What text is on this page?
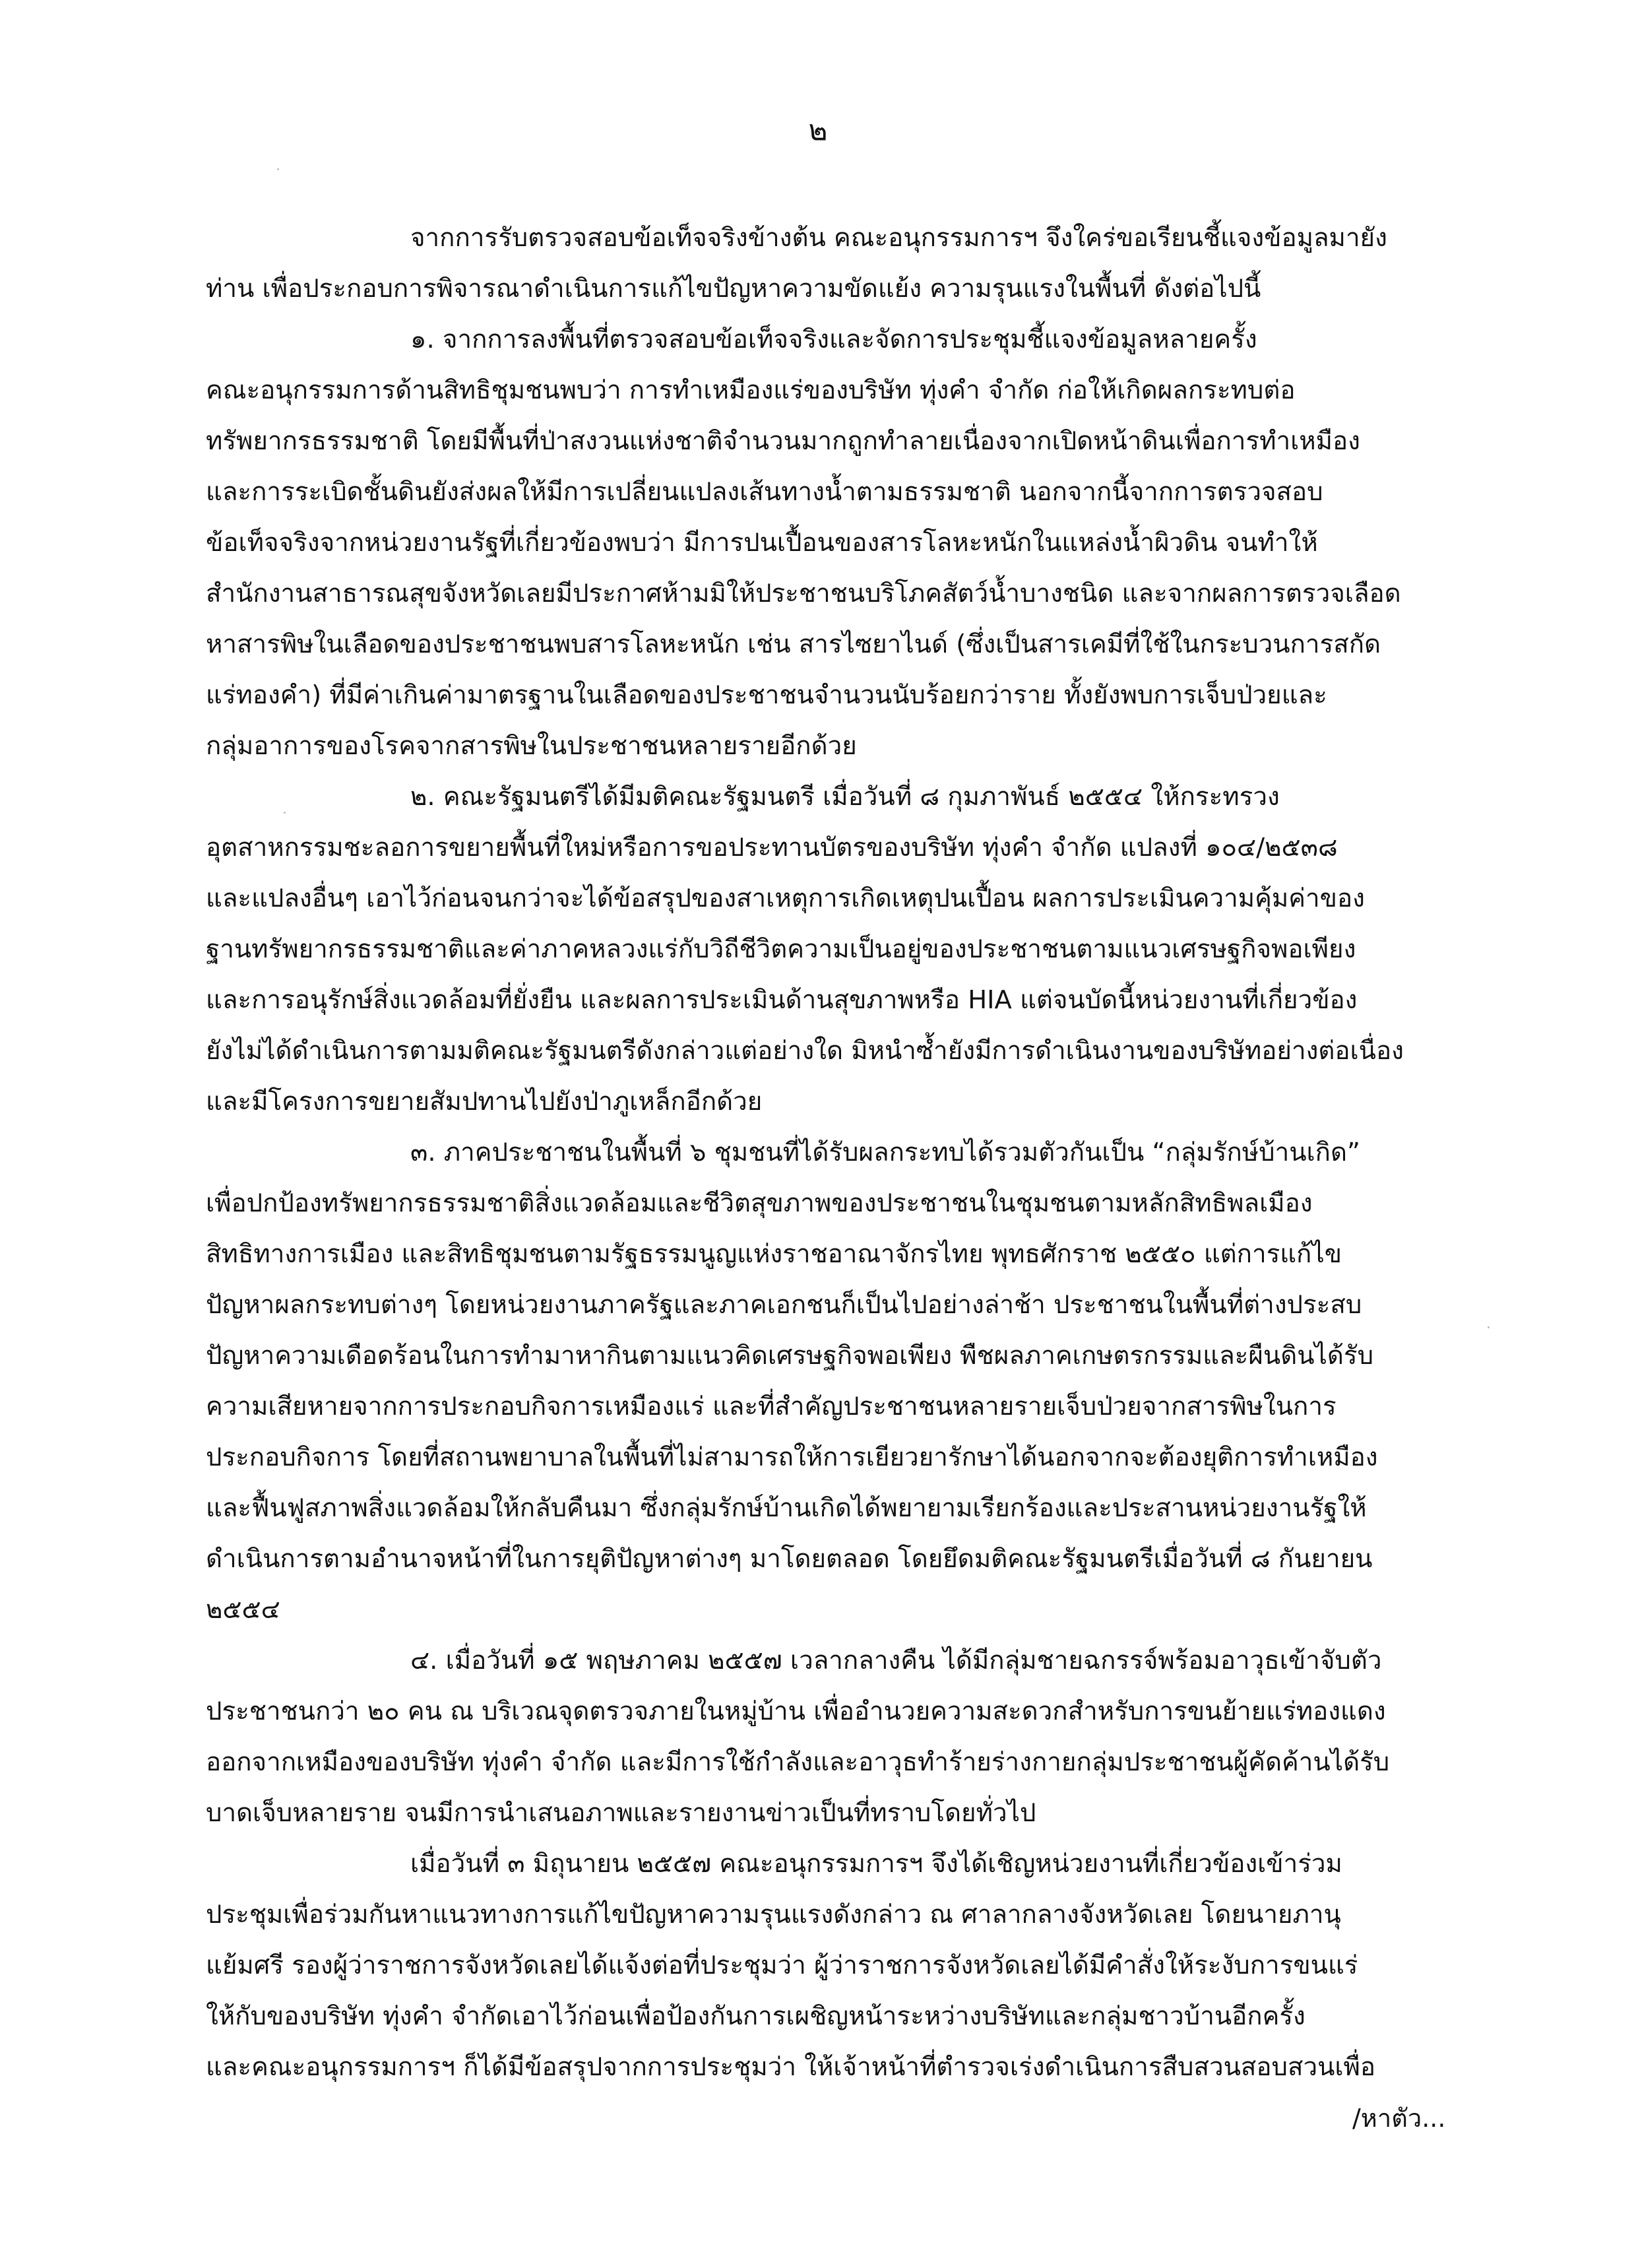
๒
จากการรับตรวจสอบข้อเท็จจริงข้างต้น คณะอนุกรรมการฯ จึงใคร่ขอเรียนชี้แจงข้อมูลมายัง
ท่าน เพื่อประกอบการพิจารณาดำเนินการแก้ไขปัญหาความขัดแย้ง ความรุนแรงในพื้นที่ ดังต่อไปนี้
๑. จากการลงพื้นที่ตรวจสอบข้อเท็จจริงและจัดการประชุมชี้แจงข้อมูลหลายครั้ง
คณะอนุกรรมการด้านสิทธิชุมชนพบว่า การทำเหมืองแร่ของบริษัท ทุ่งคำ จำกัด ก่อให้เกิดผลกระทบต่อ
ทรัพยากรธรรมชาติ โดยมีพื้นที่ป่าสงวนแห่งชาติจำนวนมากถูกทำลายเนื่องจากเปิดหน้าดินเพื่อการทำเหมือง
และการระเบิดชั้นดินยังส่งผลให้มีการเปลี่ยนแปลงเส้นทางน้ำตามธรรมชาติ นอกจากนี้จากการตรวจสอบ
ข้อเท็จจริงจากหน่วยงานรัฐที่เกี่ยวข้องพบว่า มีการปนเปื้อนของสารโลหะหนักในแหล่งน้ำผิวดิน จนทำให้
สำนักงานสาธารณสุขจังหวัดเลยมีประกาศห้ามมิให้ประชาชนบริโภคสัตว์น้ำบางชนิด และจากผลการตรวจเลือด
หาสารพิษในเลือดของประชาชนพบสารโลหะหนัก เช่น สารไซยาไนด์ (ซึ่งเป็นสารเคมีที่ใช้ในกระบวนการสกัด
แร่ทองคำ) ที่มีค่าเกินค่ามาตรฐานในเลือดของประชาชนจำนวนนับร้อยกว่าราย ทั้งยังพบการเจ็บป่วยและ
กลุ่มอาการของโรคจากสารพิษในประชาชนหลายรายอีกด้วย
๒. คณะรัฐมนตรีได้มีมติคณะรัฐมนตรี เมื่อวันที่ ๘ กุมภาพันธ์ ๒๕๕๔ ให้กระทรวง
อุตสาหกรรมชะลอการขยายพื้นที่ใหม่หรือการขอประทานบัตรของบริษัท ทุ่งคำ จำกัด แปลงที่ ๑๐๔/๒๕๓๘
และแปลงอื่นๆ เอาไว้ก่อนจนกว่าจะได้ข้อสรุปของสาเหตุการเกิดเหตุปนเปื้อน ผลการประเมินความคุ้มค่าของ
ฐานทรัพยากรธรรมชาติและค่าภาคหลวงแร่กับวิถีชีวิตความเป็นอยู่ของประชาชนตามแนวเศรษฐกิจพอเพียง
และการอนุรักษ์สิ่งแวดล้อมที่ยั่งยืน และผลการประเมินด้านสุขภาพหรือ HIA แต่จนบัดนี้หน่วยงานที่เกี่ยวข้อง
ยังไม่ได้ดำเนินการตามมติคณะรัฐมนตรีดังกล่าวแต่อย่างใด มิหนำซ้ำยังมีการดำเนินงานของบริษัทอย่างต่อเนื่อง
และมีโครงการขยายสัมปทานไปยังป่าภูเหล็กอีกด้วย
๓. ภาคประชาชนในพื้นที่ ๖ ชุมชนที่ได้รับผลกระทบได้รวมตัวกันเป็น “กลุ่มรักษ์บ้านเกิด”
เพื่อปกป้องทรัพยากรธรรมชาติสิ่งแวดล้อมและชีวิตสุขภาพของประชาชนในชุมชนตามหลักสิทธิพลเมือง
สิทธิทางการเมือง และสิทธิชุมชนตามรัฐธรรมนูญแห่งราชอาณาจักรไทย พุทธศักราช ๒๕๕๐ แต่การแก้ไข
ปัญหาผลกระทบต่างๆ โดยหน่วยงานภาครัฐและภาคเอกชนก็เป็นไปอย่างล่าช้า ประชาชนในพื้นที่ต่างประสบ
ปัญหาความเดือดร้อนในการทำมาหากินตามแนวคิดเศรษฐกิจพอเพียง พืชผลภาคเกษตรกรรมและผืนดินได้รับ
ความเสียหายจากการประกอบกิจการเหมืองแร่ และที่สำคัญประชาชนหลายรายเจ็บป่วยจากสารพิษในการ
ประกอบกิจการ โดยที่สถานพยาบาลในพื้นที่ไม่สามารถให้การเยียวยารักษาได้นอกจากจะต้องยุติการทำเหมือง
และฟื้นฟูสภาพสิ่งแวดล้อมให้กลับคืนมา ซึ่งกลุ่มรักษ์บ้านเกิดได้พยายามเรียกร้องและประสานหน่วยงานรัฐให้
ดำเนินการตามอำนาจหน้าที่ในการยุติปัญหาต่างๆ มาโดยตลอด โดยยึดมติคณะรัฐมนตรีเมื่อวันที่ ๘ กันยายน
๒๕๕๔
๔. เมื่อวันที่ ๑๕ พฤษภาคม ๒๕๕๗ เวลากลางคืน ได้มีกลุ่มชายฉกรรจ์พร้อมอาวุธเข้าจับตัว
ประชาชนกว่า ๒๐ คน ณ บริเวณจุดตรวจภายในหมู่บ้าน เพื่ออำนวยความสะดวกสำหรับการขนย้ายแร่ทองแดง
ออกจากเหมืองของบริษัท ทุ่งคำ จำกัด และมีการใช้กำลังและอาวุธทำร้ายร่างกายกลุ่มประชาชนผู้คัดค้านได้รับ
บาดเจ็บหลายราย จนมีการนำเสนอภาพและรายงานข่าวเป็นที่ทราบโดยทั่วไป
เมื่อวันที่ ๓ มิถุนายน ๒๕๕๗ คณะอนุกรรมการฯ จึงได้เชิญหน่วยงานที่เกี่ยวข้องเข้าร่วม
ประชุมเพื่อร่วมกันหาแนวทางการแก้ไขปัญหาความรุนแรงดังกล่าว ณ ศาลากลางจังหวัดเลย โดยนายภานุ
แย้มศรี รองผู้ว่าราชการจังหวัดเลยได้แจ้งต่อที่ประชุมว่า ผู้ว่าราชการจังหวัดเลยได้มีคำสั่งให้ระงับการขนแร่
ให้กับของบริษัท ทุ่งคำ จำกัดเอาไว้ก่อนเพื่อป้องกันการเผชิญหน้าระหว่างบริษัทและกลุ่มชาวบ้านอีกครั้ง
และคณะอนุกรรมการฯ ก็ได้มีข้อสรุปจากการประชุมว่า ให้เจ้าหน้าที่ตำรวจเร่งดำเนินการสืบสวนสอบสวนเพื่อ
/หาตัว...
